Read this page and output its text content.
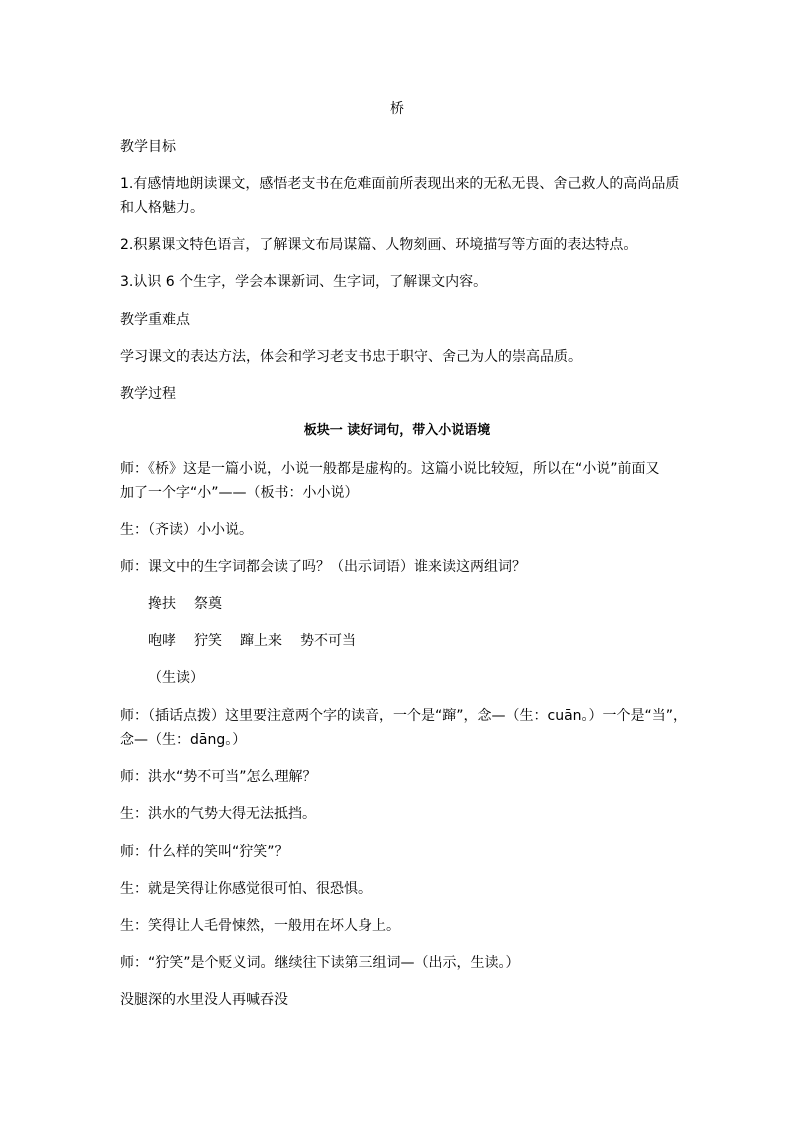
桥

教学目标

1.有感情地朗读课文，感悟老支书在危难面前所表现出来的无私无畏、舍己救人的高尚品质

和人格魅力。

2.积累课文特色语言，了解课文布局谋篇、人物刻画、环境描写等方面的表达特点。

3.认识 6 个生字，学会本课新词、生字词，了解课文内容。

教学重难点

学习课文的表达方法，体会和学习老支书忠于职守、舍己为人的崇高品质。

教学过程

板块一 读好词句，带入小说语境

师：《桥》这是一篇小说，小说一般都是虚构的。这篇小说比较短，所以在“小说”前面又

加了一个字“小”——（板书：小小说）

生：（齐读）小小说。

师：课文中的生字词都会读了吗？（出示词语）谁来读这两组词？

搀扶 祭奠

咆哮 狞笑 蹿上来 势不可当

（生读）

师：（插话点拨）这里要注意两个字的读音，一个是“蹿”，念—（生：cuān。）一个是“当”，

念—（生：dāng。）

师：洪水“势不可当”怎么理解？

生：洪水的气势大得无法抵挡。

师：什么样的笑叫“狞笑”？

生：就是笑得让你感觉很可怕、很恐惧。

生：笑得让人毛骨悚然，一般用在坏人身上。

师：“狞笑”是个贬义词。继续往下读第三组词—（出示，生读。）

没腿深的水里没人再喊吞没
